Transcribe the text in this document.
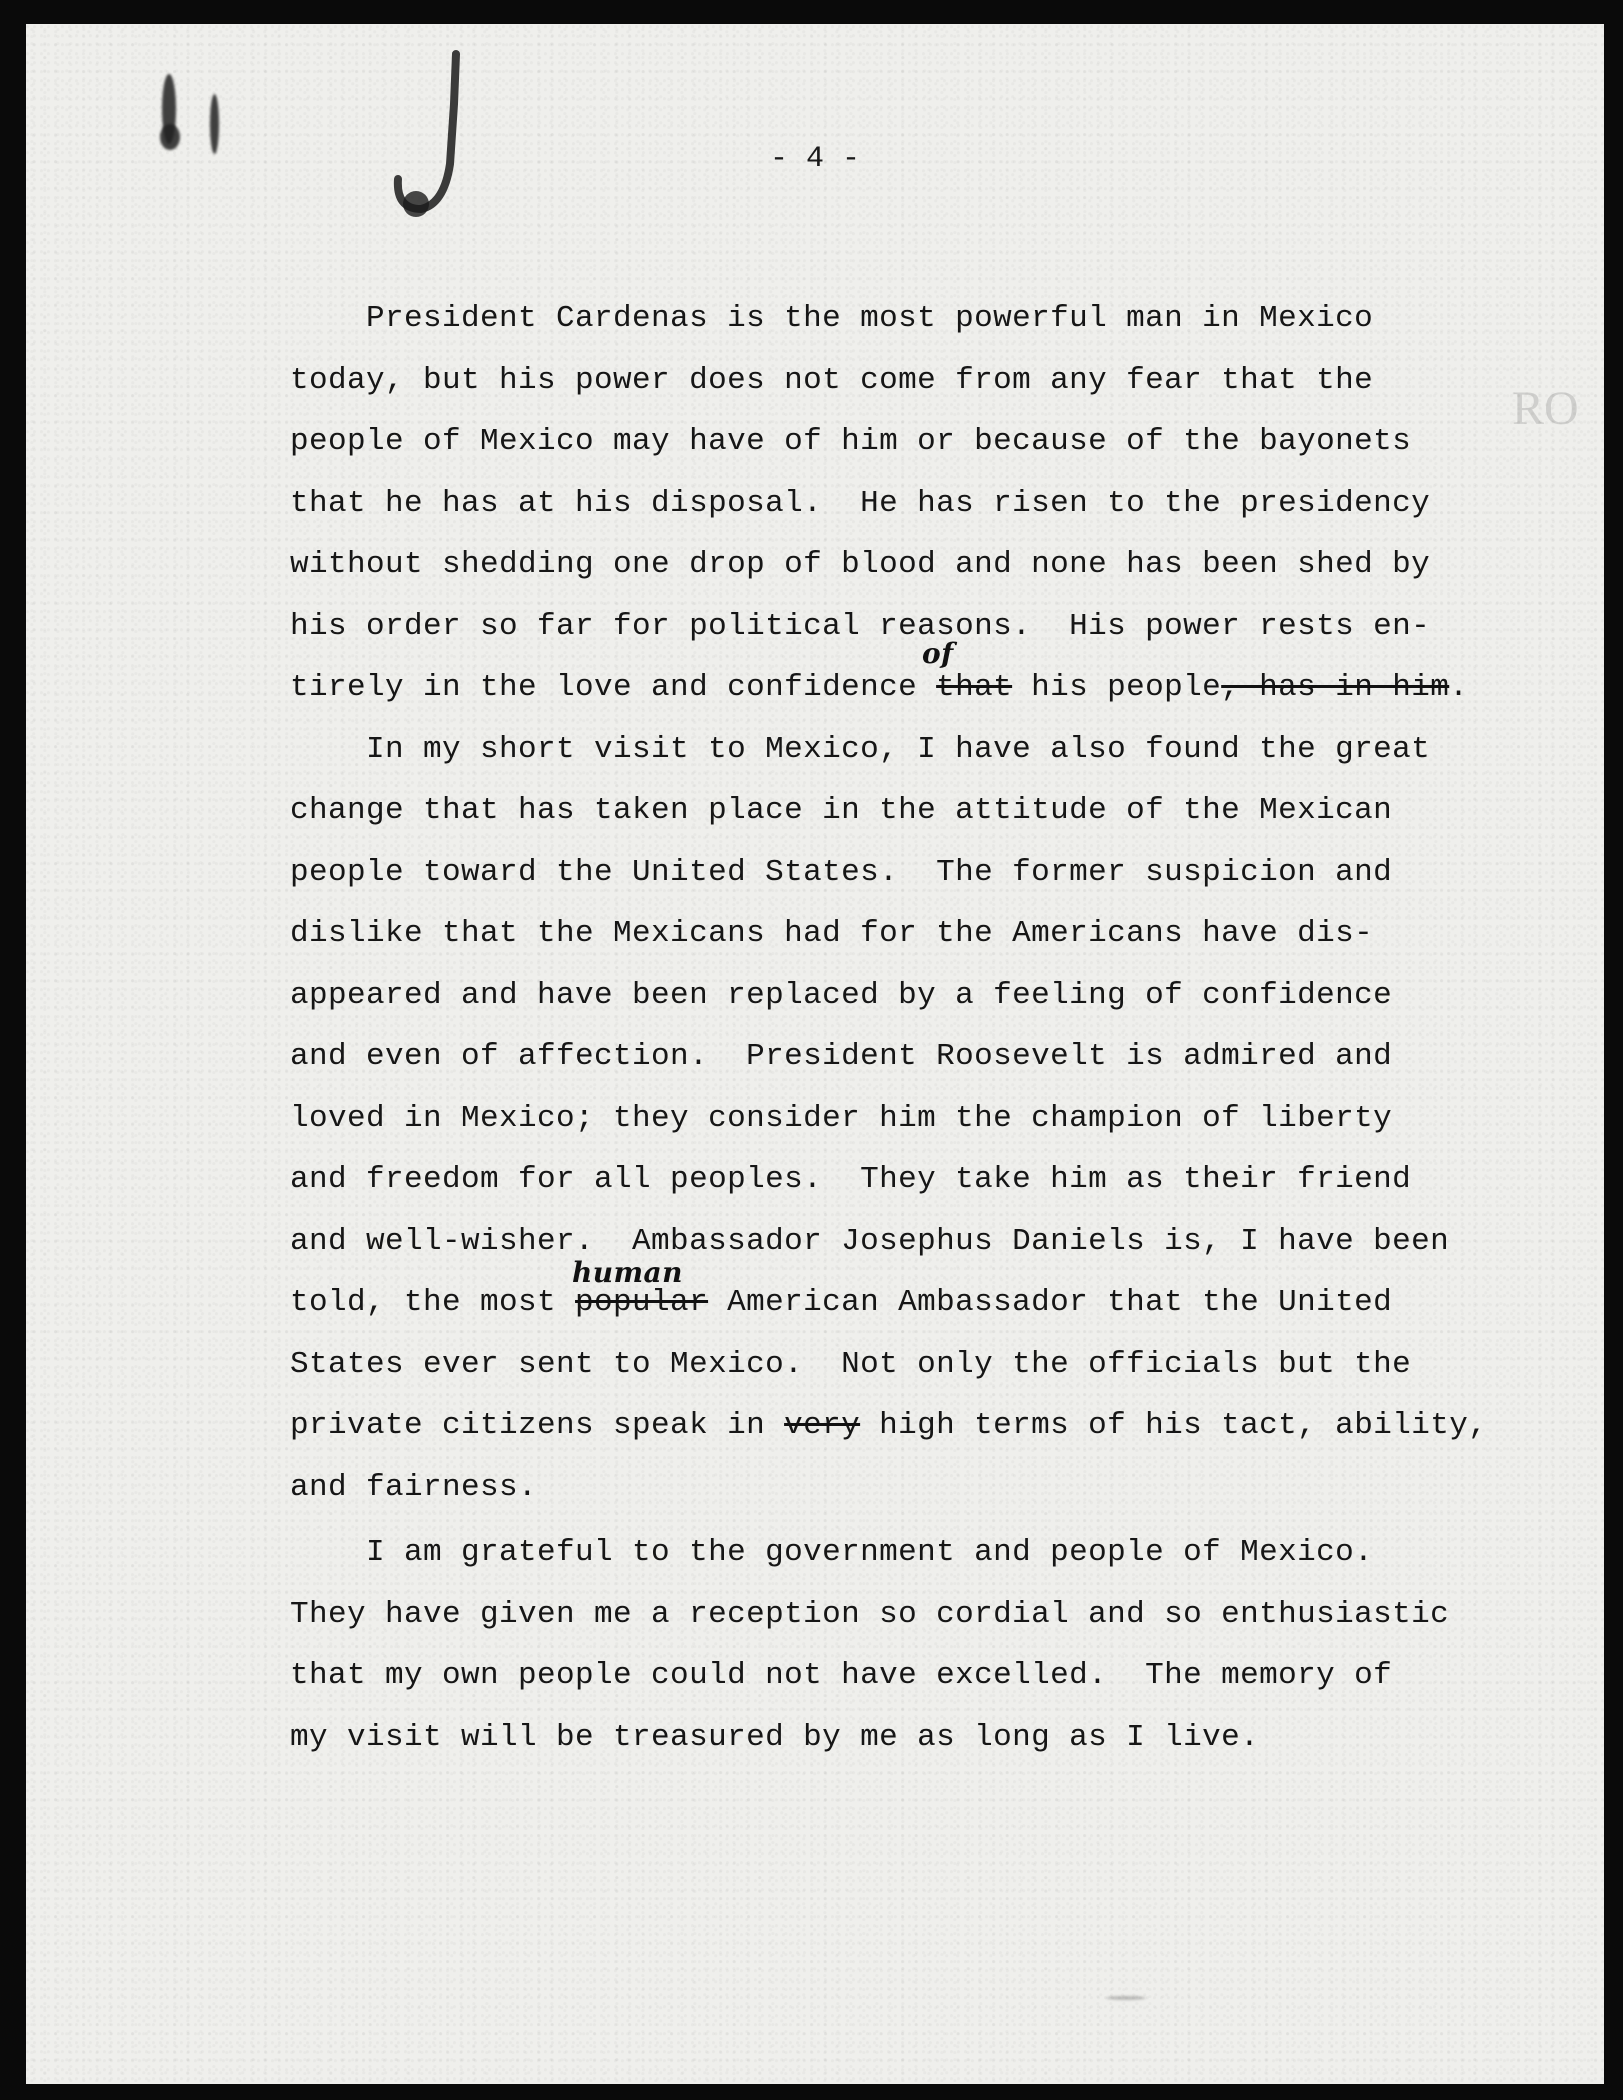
RO
- 4 -
President Cardenas is the most powerful man in Mexico
today, but his power does not come from any fear that the
people of Mexico may have of him or because of the bayonets
that he has at his disposal.  He has risen to the presidency
without shedding one drop of blood and none has been shed by
his order so far for political reasons.  His power rests en-
tirely in the love and confidence that his people, has in him.
of
In my short visit to Mexico, I have also found the great
change that has taken place in the attitude of the Mexican
people toward the United States.  The former suspicion and
dislike that the Mexicans had for the Americans have dis-
appeared and have been replaced by a feeling of confidence
and even of affection.  President Roosevelt is admired and
loved in Mexico; they consider him the champion of liberty
and freedom for all peoples.  They take him as their friend
and well-wisher.  Ambassador Josephus Daniels is, I have been
told, the most popular American Ambassador that the United
human
States ever sent to Mexico.  Not only the officials but the
private citizens speak in very high terms of his tact, ability,
and fairness.
I am grateful to the government and people of Mexico.
They have given me a reception so cordial and so enthusiastic
that my own people could not have excelled.  The memory of
my visit will be treasured by me as long as I live.
